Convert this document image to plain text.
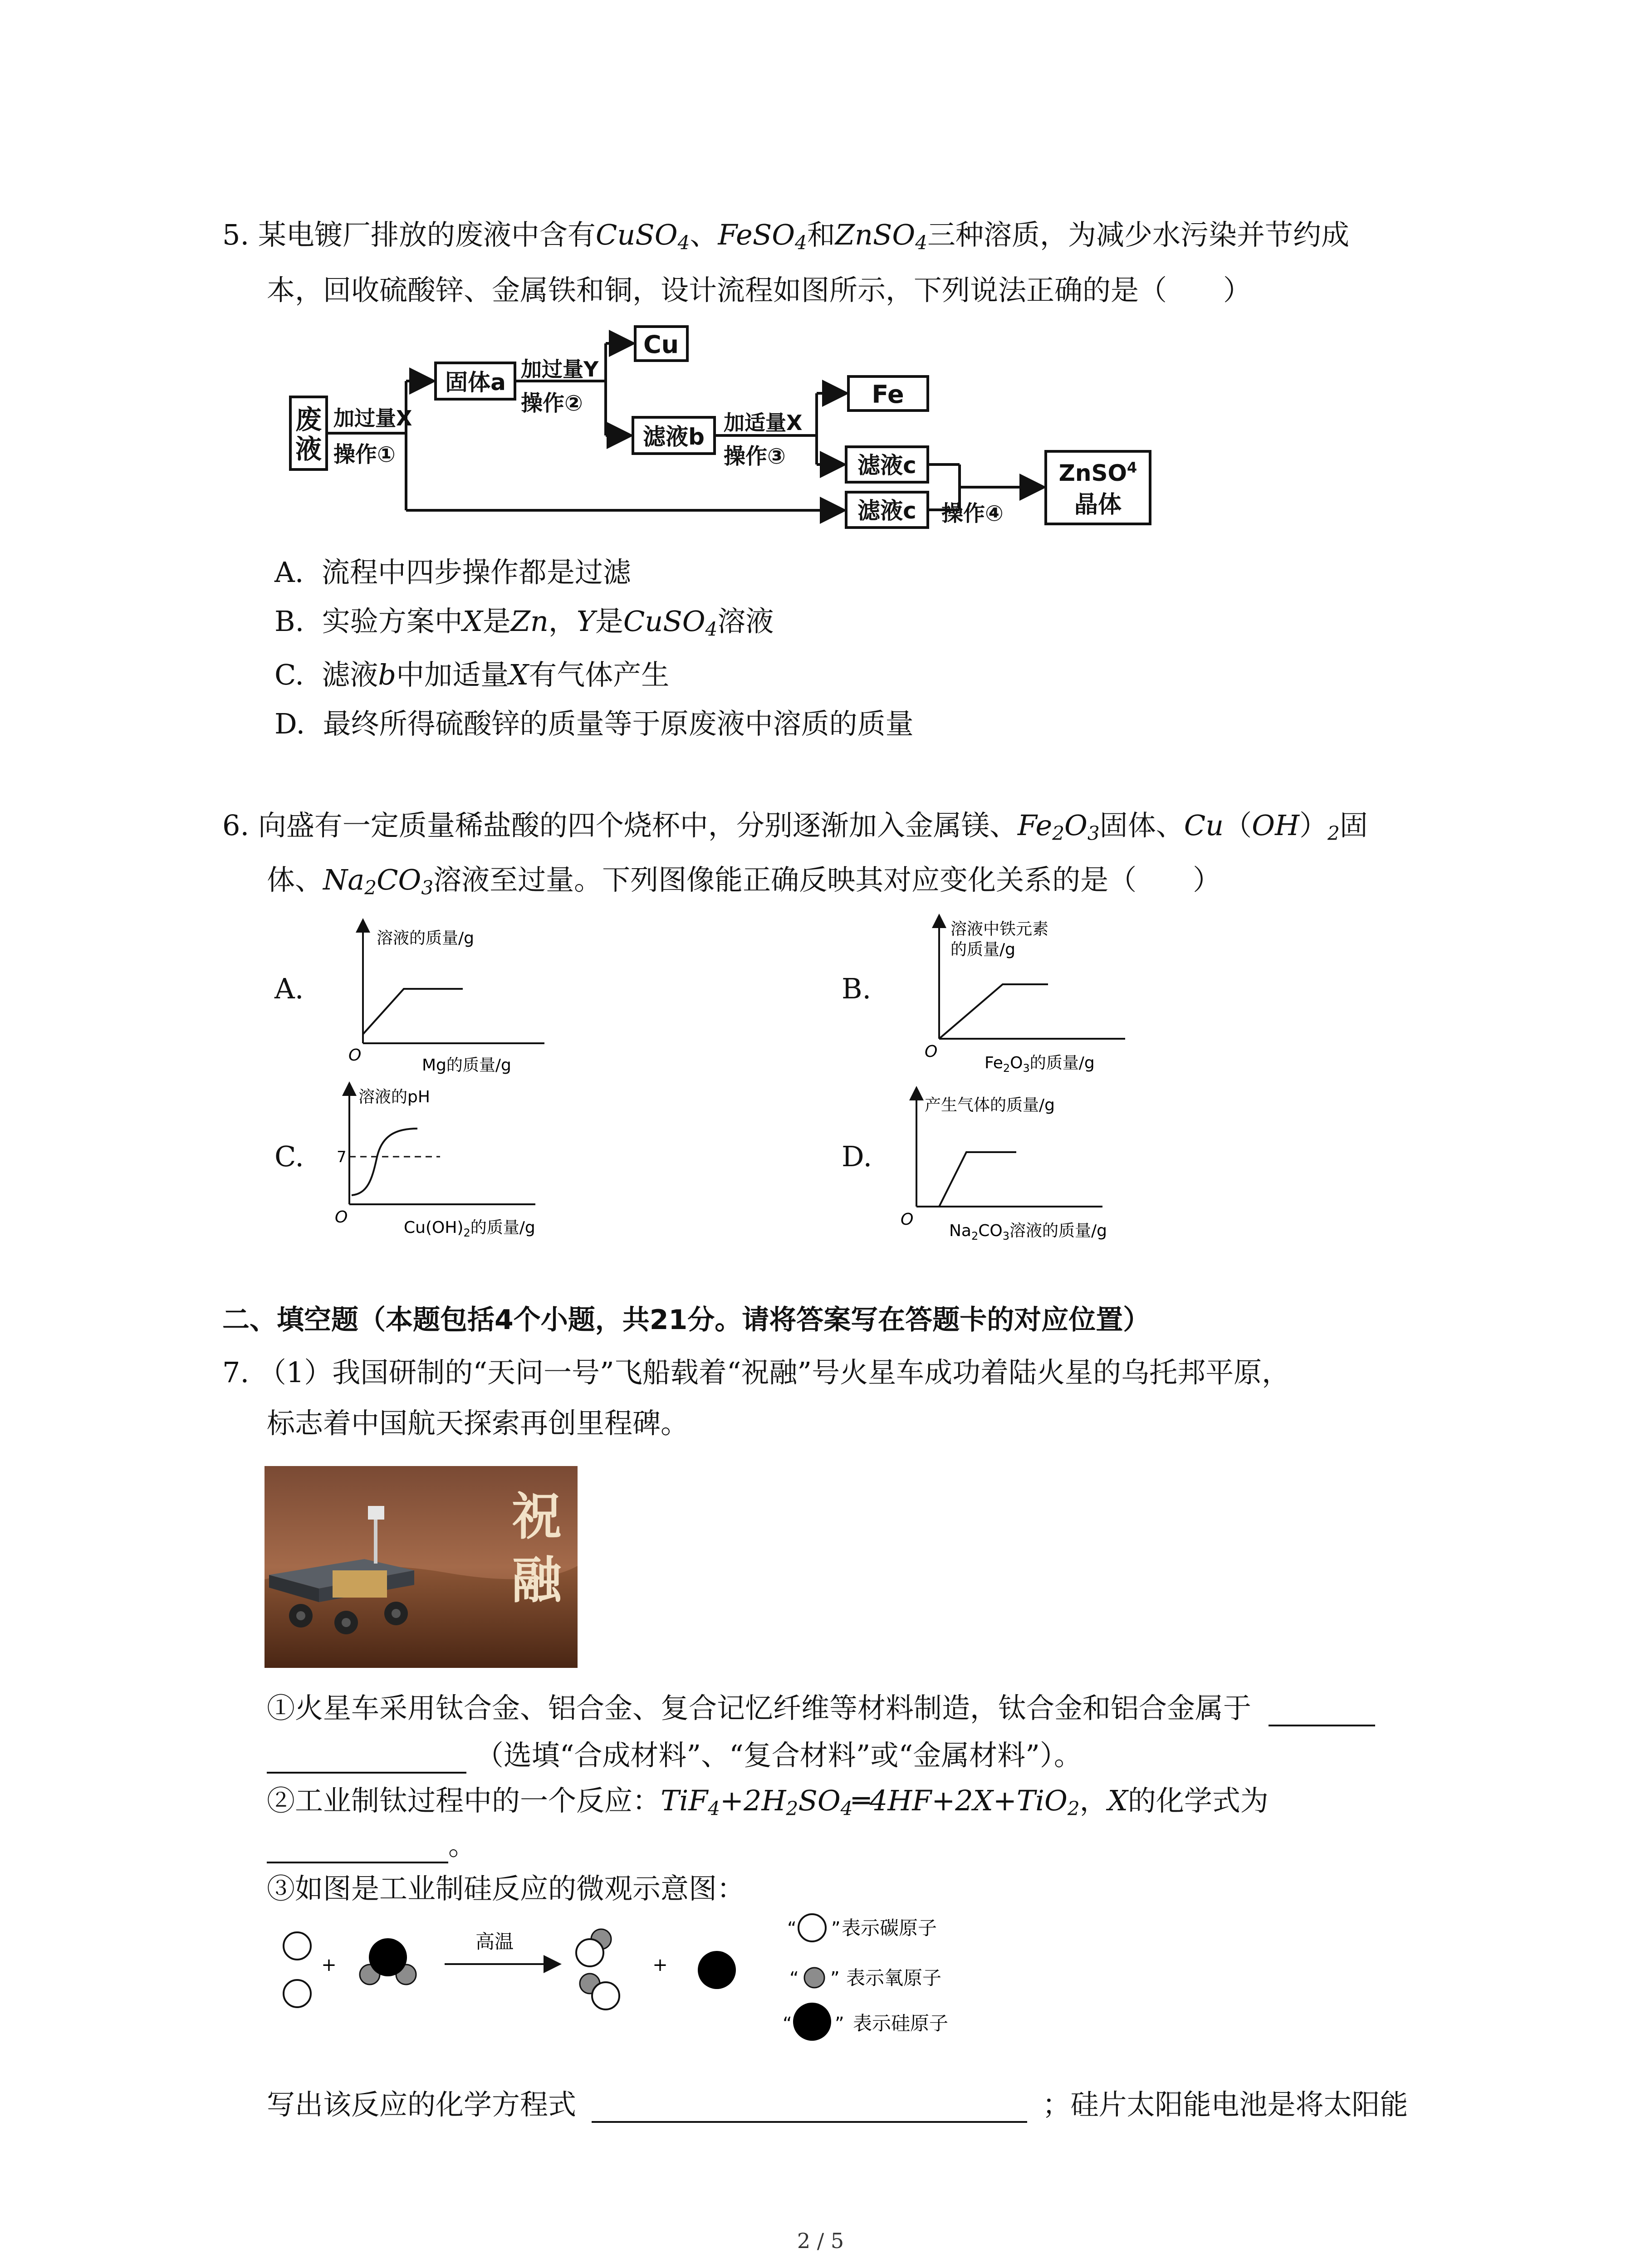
5. 某电镀厂排放的废液中含有CuSO$_4$、FeSO$_4$和ZnSO$_4$三种溶质，为减少水污染并节约成
本，回收硫酸锌、金属铁和铜，设计流程如图所示，下列说法正确的是（　　）
废
液
加过量X
操作①
固体a 加过量Y
操作②
Cu
滤液b
加适量X
操作③
Fe
滤液c
滤液c 操作④
ZnSO$^4$
晶体
A. 流程中四步操作都是过滤
B. 实验方案中X是Zn，Y是CuSO$_4$溶液
C. 滤液b中加适量X有气体产生
D. 最终所得硫酸锌的质量等于原废液中溶质的质量
6. 向盛有一定质量稀盐酸的四个烧杯中，分别逐渐加入金属镁、$Fe_2O_3$固体、$Cu(OH)_2$固
体、$Na_2CO_3$溶液至过量。下列图像能正确反映其对应变化关系的是（　　）
A.	B.
C.	D.
溶液的质量/g
O
Mg的质量/g
溶液中铁元素
的质量/g
O
$Fe_2O_3$的质量/g
溶液的pH
7
O
$Cu(OH)_2$的质量/g
产生气体的质量/g
O
$Na_2CO_3$溶液的质量/g
二、填空题（本题包括4个小题，共21分。请将答案写在答题卡的对应位置）
7. （1）我国研制的“天问一号”飞船载着“祝融”号火星车成功着陆火星的乌托邦平原，
标志着中国航天探索再创里程碑。
祝
融
①火星车采用钛合金、铝合金、复合记忆纤维等材料制造，钛合金和铝合金属于
（选填“合成材料”、“复合材料”或“金属材料”）。
②工业制钛过程中的一个反应：$TiF_4+2H_2SO_4═4HF+2X+TiO_2$，X的化学式为
。
③如图是工业制硅反应的微观示意图：
+
高温
+
“ ” 表示碳原子
“ ” 表示氧原子
“ ” 表示硅原子
写出该反应的化学方程式	；硅片太阳能电池是将太阳能
2 / 5
